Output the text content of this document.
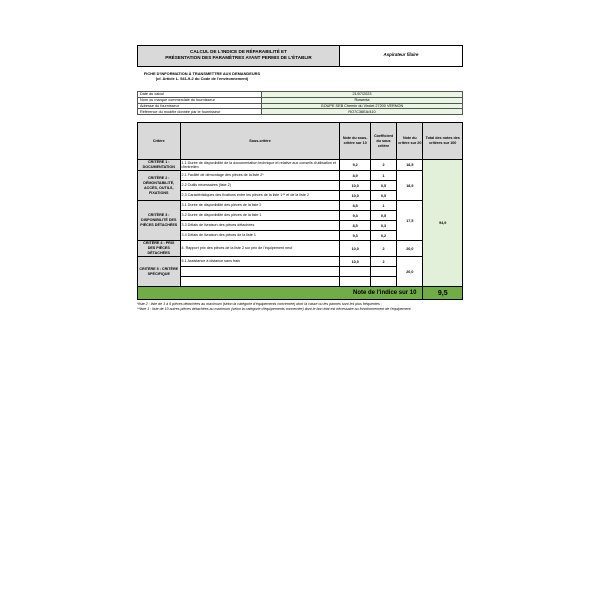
CALCUL DE L'INDICE DE RÉPARABILITÉ ET
PRÉSENTATION DES PARAMÈTRES AYANT PERMIS DE L'ÉTABLIR
Aspirateur filaire
FICHE D'INFORMATION À TRANSMETTRE AUX DEMANDEURS
(cf. Article L. 541-9-2 du Code de l'environnement)
Date du calcul	21/07/2023
Nom ou marque commerciale du fournisseur	Rowenta
Adresse du fournisseur	GOUPE SEB Chemin du Virolet 27200 VERNON
Référence du modèle donnée par le fournisseur	RO7C36EA/410
Critère	Sous-critère	Note du sous-critère sur 10	Coefficient du sous critère	Note du critère sur 20	Total des notes des critères sur 100
CRITÈRE 1 : DOCUMENTATION	1.1 Durée de disponibilité de la documentation technique et relative aux conseils d'utilisation et d'entretien	9,2	2	18,5	94,9
CRITÈRE 2 : DÉMONTABILITÉ, ACCÈS, OUTILS, FIXATIONS	2.1 Facilité de démontage des pièces de la liste 2*	8,9	1	18,9	
	2.2 Outils nécessaires (liste 2)	10,0	0,5		
	2.3 Caractéristiques des fixations entre les pièces de la liste 1** et de la liste 2	10,0	0,5		
CRITÈRE 3 : DISPONIBILITÉ DES PIÈCES DÉTACHÉES	3.1 Durée de disponibilité des pièces de la liste 2	8,5	1	17,5	
	3.2 Durée de disponibilité des pièces de la liste 1	9,3	0,5		
	3.3 Délais de livraison des pièces détachées	8,5	0,3		
	3.4 Délais de livraison des pièces de la liste 1	9,3	0,2		
CRITÈRE 4 : PRIX DES PIÈCES DÉTACHÉES	4. Rapport prix des pièces de la liste 2 sur prix de l'équipement neuf	10,0	2	20,0	
CRITÈRE 5 : CRITÈRE SPÉCIFIQUE	5.1 Assistance à distance sans frais	10,0	2	20,0	

Note de l'indice sur 10					9,5
*liste 2 : liste de 3 à 5 pièces détachées au maximum (selon la catégorie d'équipements concernée) dont la casse ou les pannes sont les plus fréquentes ;
**liste 1 : liste de 10 autres pièces détachées au maximum (selon la catégorie d'équipements concernée) dont le bon état est nécessaire au fonctionnement de l'équipement.
